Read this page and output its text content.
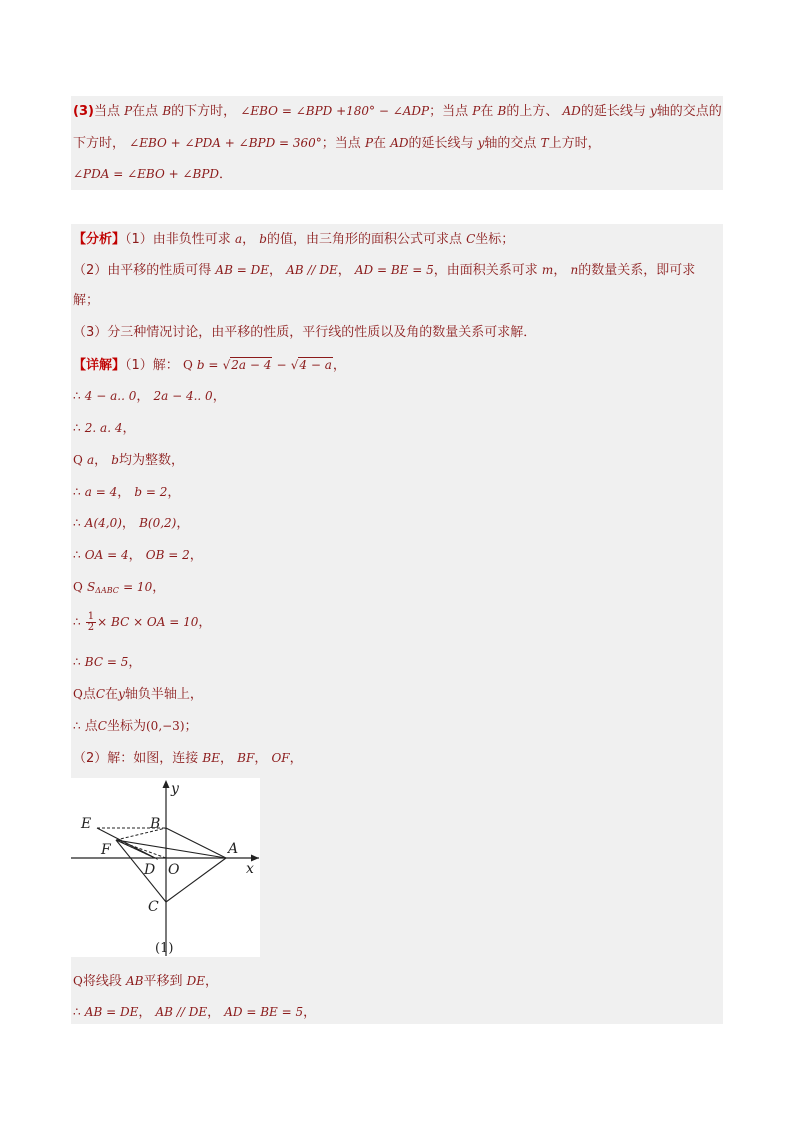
(3)当点 P在点 B的下方时， ∠EBO = ∠BPD +180° − ∠ADP；当点 P在 B的上方、 AD的延长线与 y轴的交点的
下方时， ∠EBO + ∠PDA + ∠BPD = 360°；当点 P在 AD的延长线与 y轴的交点 T上方时，
∠PDA = ∠EBO + ∠BPD．
【分析】（1）由非负性可求 a， b的值，由三角形的面积公式可求点 C坐标；
（2）由平移的性质可得 AB = DE， AB // DE， AD = BE = 5，由面积关系可求 m， n的数量关系，即可求
解；
（3）分三种情况讨论，由平移的性质，平行线的性质以及角的数量关系可求解．
【详解】（1）解： Q b = √2a − 4 − √4 − a，
∴ 4 − a.. 0， 2a − 4.. 0，
∴ 2. a. 4，
Q a， b均为整数，
∴ a = 4， b = 2，
∴ A(4,0)， B(0,2)，
∴ OA = 4， OB = 2，
Q $S_{\Delta ABC} = 10$，
∴ $\frac{1}{2}$ × BC × OA = 10，
∴ BC = 5，
Q点C在y轴负半轴上，
∴ 点C坐标为(0,−3)；
（2）解：如图，连接 BE， BF， OF，
y
E	B
F	A
D O	x
C
(1)
Q将线段 AB平移到 DE，
∴ AB = DE， AB // DE， AD = BE = 5，
